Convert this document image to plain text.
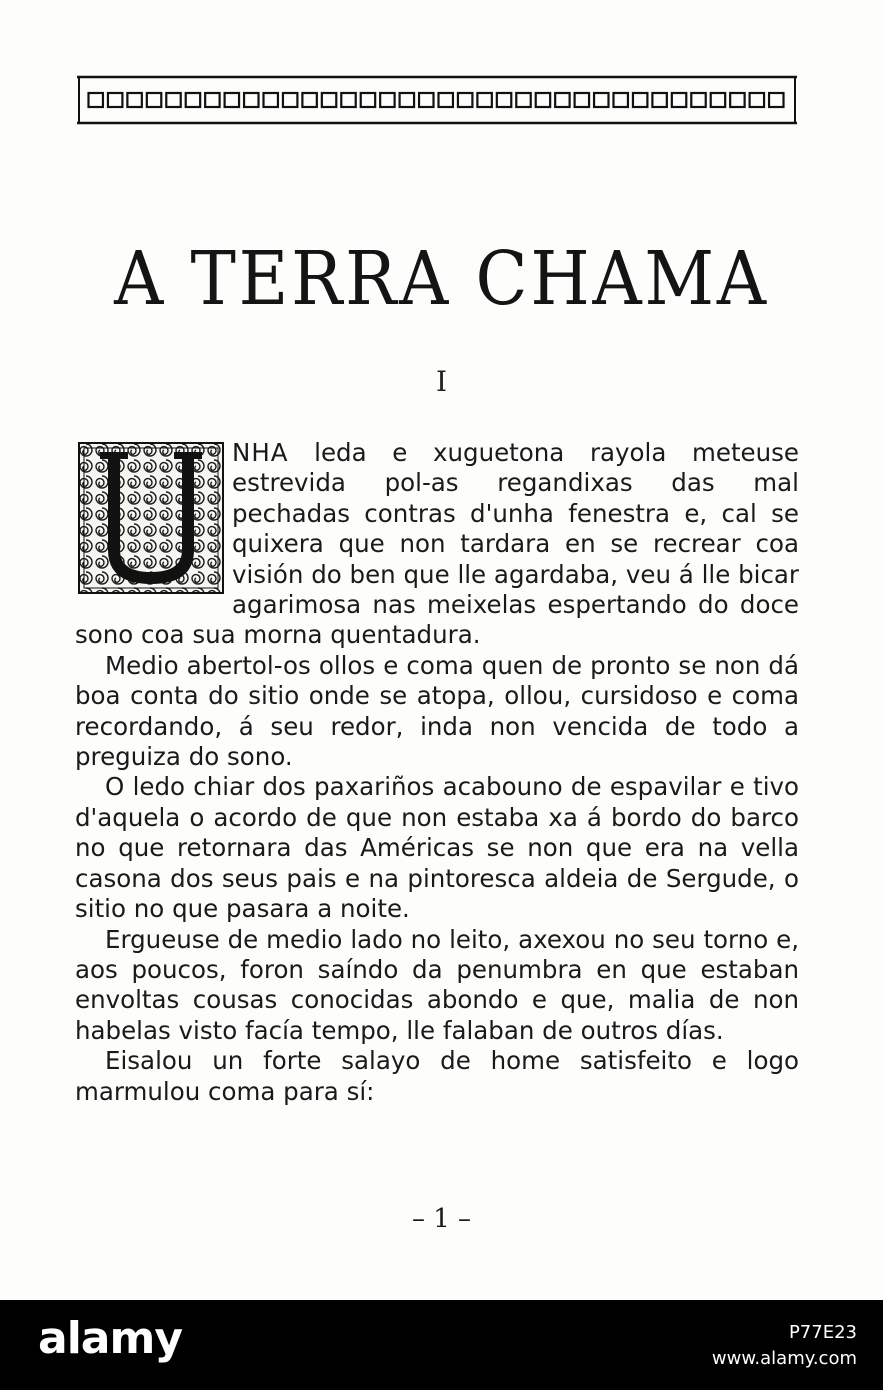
A TERRA CHAMA
I

NHA leda e xuguetona rayola meteuse estrevida pol-as regandixas das mal pechadas contras d'unha fenestra e, cal se quixera que non tardara en se recrear coa visión do ben que lle agardaba, veu á lle bicar agarimosa nas meixelas espertando do doce sono coa sua morna quentadura.

Medio abertol-os ollos e coma quen de pronto se non dá boa conta do sitio onde se atopa, ollou, cursidoso e coma recordando, á seu redor, inda non vencida de todo a preguiza do sono.

O ledo chiar dos paxariños acabouno de espavilar e tivo d'aquela o acordo de que non estaba xa á bordo do barco no que retornara das Américas se non que era na vella casona dos seus pais e na pintoresca aldeia de Sergude, o sitio no que pasara a noite.

Ergueuse de medio lado no leito, axexou no seu torno e, aos poucos, foron saíndo da penumbra en que estaban envoltas cousas conocidas abondo e que, malia de non habelas visto facía tempo, lle falaban de outros días.

Eisalou un forte salayo de home satisfeito e logo marmulou coma para sí:

– 1 –
alamy	P77E23
www.alamy.com
